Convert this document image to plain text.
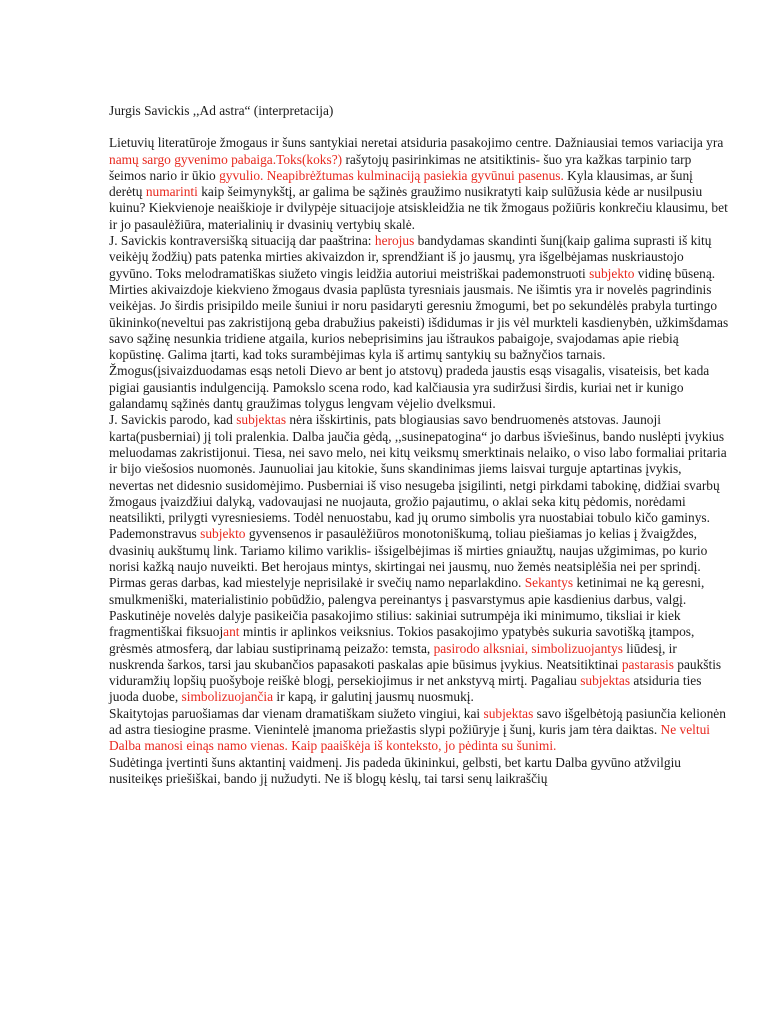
Jurgis Savickis ,,Ad astra“ (interpretacija)

Lietuvių literatūroje žmogaus ir šuns santykiai neretai atsiduria pasakojimo centre. Dažniausiai temos variacija yra namų sargo gyvenimo pabaiga.Toks(koks?) rašytojų pasirinkimas ne atsitiktinis- šuo yra kažkas tarpinio tarp šeimos nario ir ūkio gyvulio. Neapibrėžtumas kulminaciją pasiekia gyvūnui pasenus. Kyla klausimas, ar šunį derėtų numarinti kaip šeimynykštį, ar galima be sąžinės graužimo nusikratyti kaip sulūžusia kėde ar nusilpusiu kuinu? Kiekvienoje neaiškioje ir dvilypėje situacijoje atsiskleidžia ne tik žmogaus požiūris konkrečiu klausimu, bet ir jo pasaulėžiūra, materialinių ir dvasinių vertybių skalė.

J. Savickis kontraversišką situaciją dar paaštrina: herojus bandydamas skandinti šunį(kaip galima suprasti iš kitų veikėjų žodžių) pats patenka mirties akivaizdon ir, sprendžiant iš jo jausmų, yra išgelbėjamas nuskriaustojo gyvūno. Toks melodramatiškas siužeto vingis leidžia autoriui meistriškai pademonstruoti subjekto vidinę būseną.

Mirties akivaizdoje kiekvieno žmogaus dvasia paplūsta tyresniais jausmais. Ne išimtis yra ir novelės pagrindinis veikėjas. Jo širdis prisipildo meile šuniui ir noru pasidaryti geresniu žmogumi, bet po sekundėlės prabyla turtingo ūkininko(neveltui pas zakristijoną geba drabužius pakeisti) išdidumas ir jis vėl murkteli kasdienybėn, užkimšdamas savo sąžinę nesunkia tridiene atgaila, kurios nebeprisimins jau ištraukos pabaigoje, svajodamas apie riebią kopūstinę. Galima įtarti, kad toks surambėjimas kyla iš artimų santykių su bažnyčios tarnais. Žmogus(įsivaizduodamas esąs netoli Dievo ar bent jo atstovų) pradeda jaustis esąs visagalis, visateisis, bet kada pigiai gausiantis indulgenciją. Pamokslo scena rodo, kad kalčiausia yra sudiržusi širdis, kuriai net ir kunigo galandamų sąžinės dantų graužimas tolygus lengvam vėjelio dvelksmui.

J. Savickis parodo, kad subjektas nėra išskirtinis, pats blogiausias savo bendruomenės atstovas. Jaunoji karta(pusberniai) jį toli pralenkia. Dalba jaučia gėdą, ,,susinepatogina“ jo darbus išviešinus, bando nuslėpti įvykius meluodamas zakristijonui. Tiesa, nei savo melo, nei kitų veiksmų smerktinais nelaiko, o viso labo formaliai pritaria ir bijo viešosios nuomonės. Jaunuoliai jau kitokie, šuns skandinimas jiems laisvai turguje aptartinas įvykis, nevertas net didesnio susidomėjimo. Pusberniai iš viso nesugeba įsigilinti, netgi pirkdami tabokinę, didžiai svarbų žmogaus įvaizdžiui dalyką, vadovaujasi ne nuojauta, grožio pajautimu, o aklai seka kitų pėdomis, norėdami neatsilikti, prilygti vyresniesiems. Todėl nenuostabu, kad jų orumo simbolis yra nuostabiai tobulo kičo gaminys.

Pademonstravus subjekto gyvensenos ir pasaulėžiūros monotoniškumą, toliau piešiamas jo kelias į žvaigždes, dvasinių aukštumų link. Tariamo kilimo variklis- išsigelbėjimas iš mirties gniaužtų, naujas užgimimas, po kurio norisi kažką naujo nuveikti. Bet herojaus mintys, skirtingai nei jausmų, nuo žemės neatsiplėšia nei per sprindį. Pirmas geras darbas, kad miestelyje neprisilakė ir svečių namo neparlakdino. Sekantys ketinimai ne ką geresni, smulkmeniški, materialistinio pobūdžio, palengva pereinantys į pasvarstymus apie kasdienius darbus, valgį.

Paskutinėje novelės dalyje pasikeičia pasakojimo stilius: sakiniai sutrumpėja iki minimumo, tiksliai ir kiek fragmentiškai fiksuojant mintis ir aplinkos veiksnius. Tokios pasakojimo ypatybės sukuria savotišką įtampos, grėsmės atmosferą, dar labiau sustiprinamą peizažo: temsta, pasirodo alksniai, simbolizuojantys liūdesį, ir nuskrenda šarkos, tarsi jau skubančios papasakoti paskalas apie būsimus įvykius. Neatsitiktinai pastarasis paukštis viduramžių lopšių puošyboje reiškė blogį, persekiojimus ir net ankstyvą mirtį. Pagaliau subjektas atsiduria ties juoda duobe, simbolizuojančia ir kapą, ir galutinį jausmų nuosmukį.

Skaitytojas paruošiamas dar vienam dramatiškam siužeto vingiui, kai subjektas savo išgelbėtoją pasiunčia kelionėn ad astra tiesiogine prasme. Vienintelė įmanoma priežastis slypi požiūryje į šunį, kuris jam tėra daiktas. Ne veltui Dalba manosi einąs namo vienas. Kaip paaiškėja iš konteksto, jo pėdinta su šunimi.

Sudėtinga įvertinti šuns aktantinį vaidmenį. Jis padeda ūkininkui, gelbsti, bet kartu Dalba gyvūno atžvilgiu nusiteikęs priešiškai, bando jį nužudyti. Ne iš blogų kėslų, tai tarsi senų laikraščių
